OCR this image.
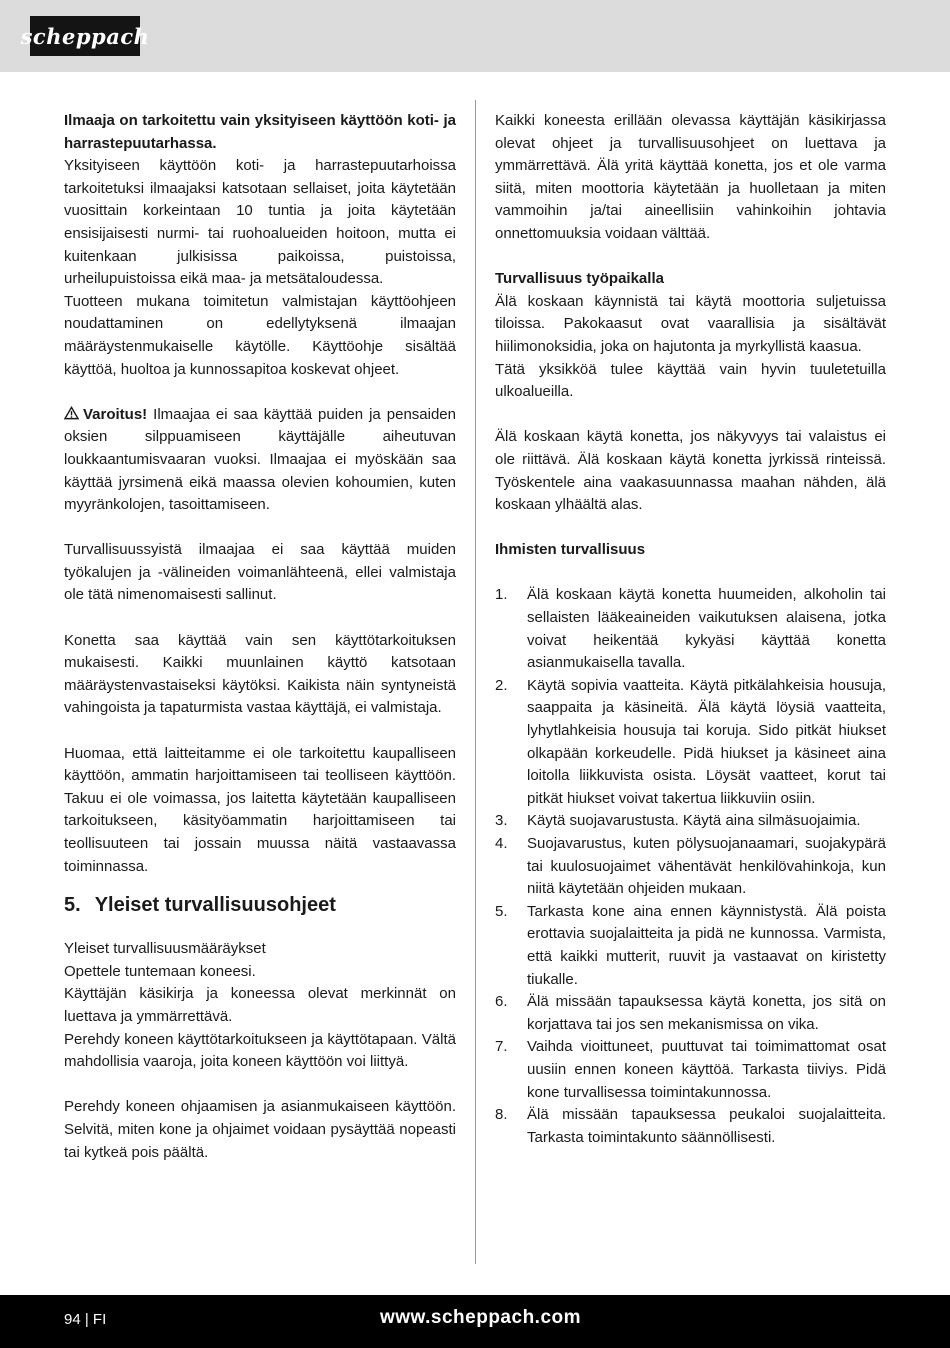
scheppach

Ilmaaja on tarkoitettu vain yksityiseen käyttöön koti- ja harrastepuutarhassa.

Yksityiseen käyttöön koti- ja harrastepuutarhoissa tarkoitetuksi ilmaajaksi katsotaan sellaiset, joita käytetään vuosittain korkeintaan 10 tuntia ja joita käytetään ensisijaisesti nurmi- tai ruohoalueiden hoitoon, mutta ei kuitenkaan julkisissa paikoissa, puistoissa, urheilupuistoissa eikä maa- ja metsätaloudessa.

Tuotteen mukana toimitetun valmistajan käyttöohjeen noudattaminen on edellytyksenä ilmaajan määräystenmukaiselle käytölle. Käyttöohje sisältää käyttöä, huoltoa ja kunnossapitoa koskevat ohjeet.

Varoitus! Ilmaajaa ei saa käyttää puiden ja pensaiden oksien silppuamiseen käyttäjälle aiheutuvan loukkaantumisvaaran vuoksi. Ilmaajaa ei myöskään saa käyttää jyrsimenä eikä maassa olevien kohoumien, kuten myyränkolojen, tasoittamiseen.

Turvallisuussyistä ilmaajaa ei saa käyttää muiden työkalujen ja -välineiden voimanlähteenä, ellei valmistaja ole tätä nimenomaisesti sallinut.

Konetta saa käyttää vain sen käyttötarkoituksen mukaisesti. Kaikki muunlainen käyttö katsotaan määräystenvastaiseksi käytöksi. Kaikista näin syntyneistä vahingoista ja tapaturmista vastaa käyttäjä, ei valmistaja.

Huomaa, että laitteitamme ei ole tarkoitettu kaupalliseen käyttöön, ammatin harjoittamiseen tai teolliseen käyttöön. Takuu ei ole voimassa, jos laitetta käytetään kaupalliseen tarkoitukseen, käsityöammatin harjoittamiseen tai teollisuuteen tai jossain muussa näitä vastaavassa toiminnassa.

5. Yleiset turvallisuusohjeet

Yleiset turvallisuusmääräykset

Opettele tuntemaan koneesi.

Käyttäjän käsikirja ja koneessa olevat merkinnät on luettava ja ymmärrettävä.

Perehdy koneen käyttötarkoitukseen ja käyttötapaan. Vältä mahdollisia vaaroja, joita koneen käyttöön voi liittyä.

Perehdy koneen ohjaamisen ja asianmukaiseen käyttöön. Selvitä, miten kone ja ohjaimet voidaan pysäyttää nopeasti tai kytkeä pois päältä.

Kaikki koneesta erillään olevassa käyttäjän käsikirjassa olevat ohjeet ja turvallisuusohjeet on luettava ja ymmärrettävä. Älä yritä käyttää konetta, jos et ole varma siitä, miten moottoria käytetään ja huolletaan ja miten vammoihin ja/tai aineellisiin vahinkoihin johtavia onnettomuuksia voidaan välttää.

Turvallisuus työpaikalla

Älä koskaan käynnistä tai käytä moottoria suljetuissa tiloissa. Pakokaasut ovat vaarallisia ja sisältävät hiilimonoksidia, joka on hajutonta ja myrkyllistä kaasua.

Tätä yksikköä tulee käyttää vain hyvin tuuletetuilla ulkoalueilla.

Älä koskaan käytä konetta, jos näkyvyys tai valaistus ei ole riittävä. Älä koskaan käytä konetta jyrkissä rinteissä. Työskentele aina vaakasuunnassa maahan nähden, älä koskaan ylhäältä alas.

Ihmisten turvallisuus

1.	Älä koskaan käytä konetta huumeiden, alkoholin tai sellaisten lääkeaineiden vaikutuksen alaisena, jotka voivat heikentää kykyäsi käyttää konetta asianmukaisella tavalla.
2.	Käytä sopivia vaatteita. Käytä pitkälahkeisia housuja, saappaita ja käsineitä. Älä käytä löysiä vaatteita, lyhytlahkeisia housuja tai koruja. Sido pitkät hiukset olkapään korkeudelle. Pidä hiukset ja käsineet aina loitolla liikkuvista osista. Löysät vaatteet, korut tai pitkät hiukset voivat takertua liikkuviin osiin.
3.	Käytä suojavarustusta. Käytä aina silmäsuojaimia.
4.	Suojavarustus, kuten pölysuojanaamari, suojakypärä tai kuulosuojaimet vähentävät henkilövahinkoja, kun niitä käytetään ohjeiden mukaan.
5.	Tarkasta kone aina ennen käynnistystä. Älä poista erottavia suojalaitteita ja pidä ne kunnossa. Varmista, että kaikki mutterit, ruuvit ja vastaavat on kiristetty tiukalle.
6.	Älä missään tapauksessa käytä konetta, jos sitä on korjattava tai jos sen mekanismissa on vika.
7.	Vaihda vioittuneet, puuttuvat tai toimimattomat osat uusiin ennen koneen käyttöä. Tarkasta tiiviys. Pidä kone turvallisessa toimintakunnossa.
8.	Älä missään tapauksessa peukaloi suojalaitteita. Tarkasta toimintakunto säännöllisesti.
94 | FI	www.scheppach.com
